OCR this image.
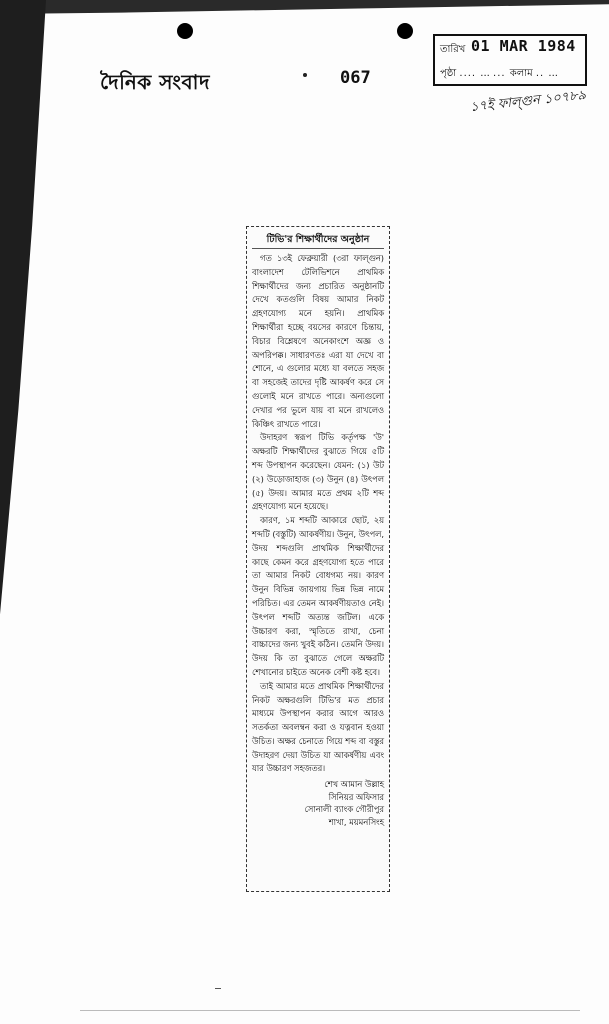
দৈনিক সংবাদ	067
তারিখ 01 MAR 1984
পৃষ্ঠা .... ... ... কলাম .. ...
১৭ই ফাল্গুন ১০৭৮৯
টিভি'র শিক্ষার্থীদের অনুষ্ঠান

গত ১৩ই ফেব্রুয়ারী (৩রা ফাল্গুন) বাংলাদেশ টেলিভিশনে প্রাথমিক শিক্ষার্থীদের জন্য প্রচারিত অনুষ্ঠানটি দেখে কতগুলি বিষয় আমার নিকট গ্রহণযোগ্য মনে হয়নি। প্রাথমিক শিক্ষার্থীরা হচ্ছে বয়সের কারণে চিন্তায়, বিচার বিশ্লেষণে অনেকাংশে অজ্ঞ ও অপরিপক্ক। সাধারণতঃ এরা যা দেখে বা শোনে, এ গুলোর মধ্যে যা বলতে সহজ বা সহজেই তাদের দৃষ্টি আকর্ষণ করে সে গুলোই মনে রাখতে পারে। অন্যগুলো দেখার পর ভুলে যায় বা মনে রাখলেও কিঞ্চিৎ রাখতে পারে।

উদাহরণ স্বরূপ টিভি কর্তৃপক্ষ 'উ' অক্ষরটি শিক্ষার্থীদের বুঝাতে গিয়ে ৫টি শব্দ উপস্থাপন করেছেন। যেমন: (১) উট (২) উড়োজাহাজ (৩) উনুন (৪) উৎপল (৫) উদয়। আমার মতে প্রথম ২টি শব্দ গ্রহণযোগ্য মনে হয়েছে।

কারণ, ১ম শব্দটি আকারে ছোট, ২য় শব্দটি (বস্তুটি) আকর্ষণীয়। উনুন, উৎপল, উদয় শব্দগুলি প্রাথমিক শিক্ষার্থীদের কাছে কেমন করে গ্রহণযোগ্য হতে পারে তা আমার নিকট বোধগম্য নয়। কারণ উনুন বিভিন্ন জায়গায় ভিন্ন ভিন্ন নামে পরিচিত। এর তেমন আকর্ষণীয়তাও নেই। উৎপল শব্দটি অত্যন্ত জটিল। একে উচ্চারণ করা, স্মৃতিতে রাখা, চেনা বাচ্চাদের জন্য খুবই কঠিন। তেমনি উদয়। উদয় কি তা বুঝাতে গেলে অক্ষরটি শেখানোর চাইতে অনেক বেশী কষ্ট হবে।

তাই আমার মতে প্রাথমিক শিক্ষার্থীদের নিকট অক্ষরগুলি টিভি'র মত প্রচার মাধ্যমে উপস্থাপন করার আগে আরও সতর্কতা অবলম্বন করা ও যত্নবান হওয়া উচিত। অক্ষর চেনাতে গিয়ে শব্দ বা বস্তুর উদাহরণ দেয়া উচিত যা আকর্ষণীয় এবং যার উচ্চারণ সহজতর।

শেখ আমান উল্লাহ
সিনিয়র অফিসার
সোনালী ব্যাংক গৌরীপুর
শাখা, ময়মনসিংহ
